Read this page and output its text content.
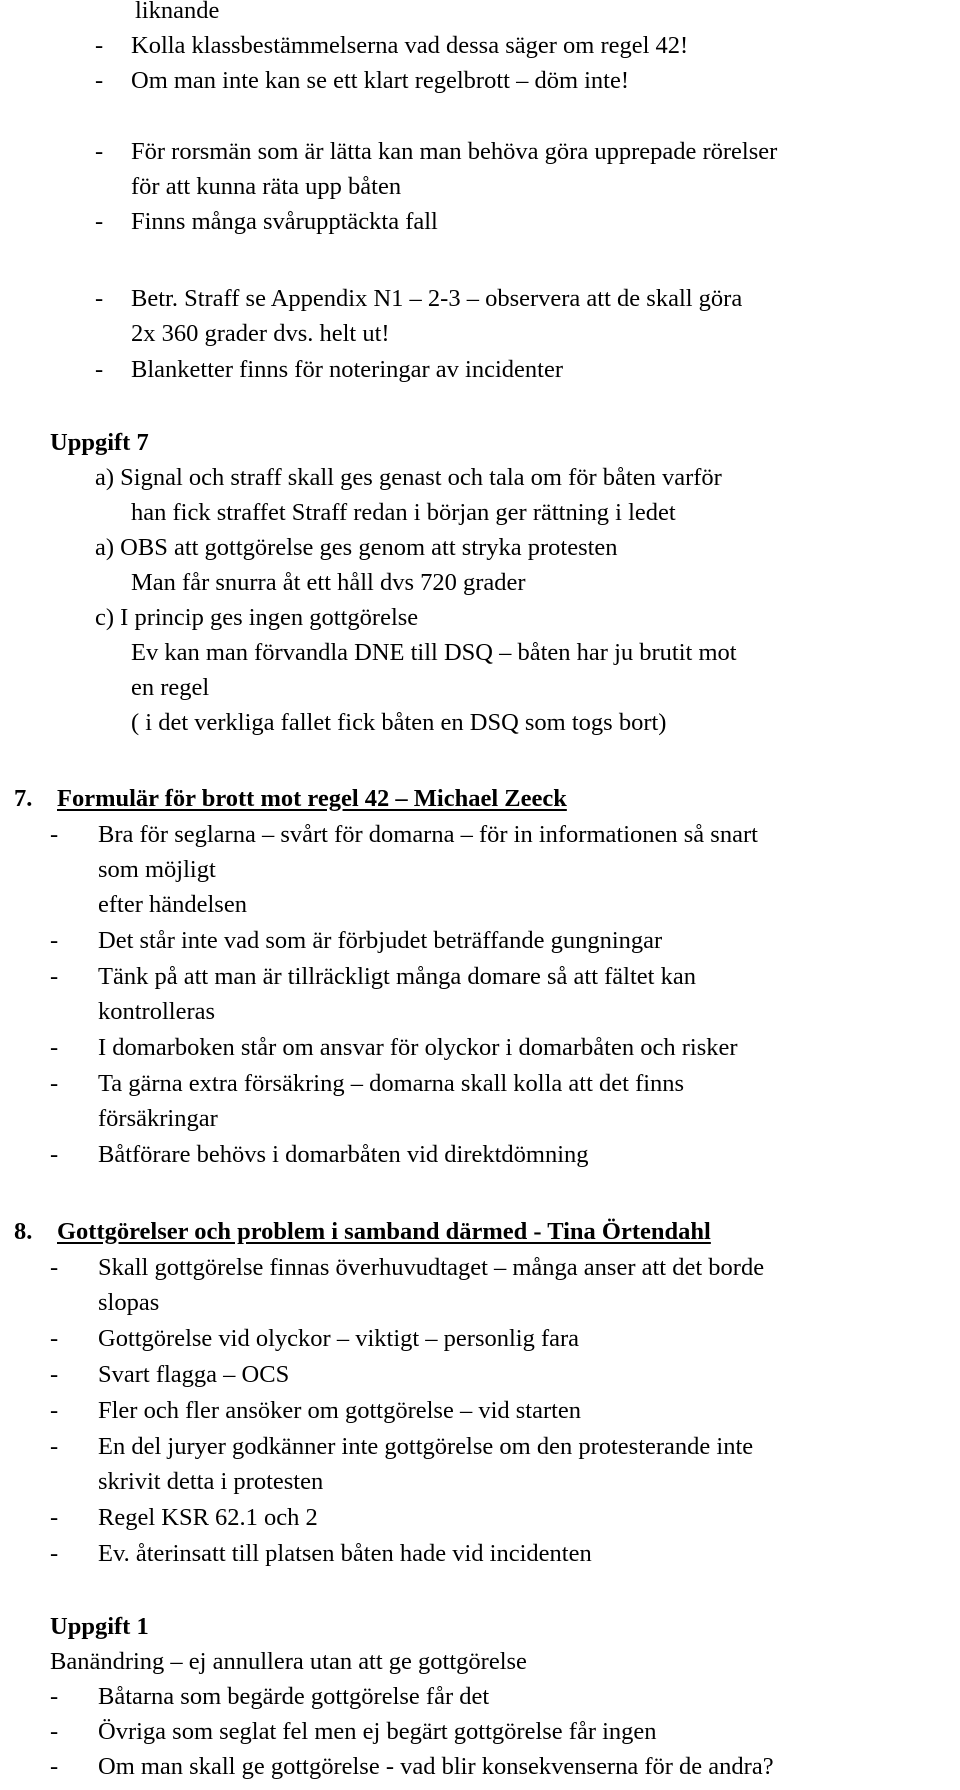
liknande
- Kolla klassbestämmelserna vad dessa säger om regel 42!
- Om man inte kan se ett klart regelbrott – döm inte!
- För rorsmän som är lätta kan man behöva göra upprepade rörelser
för att kunna räta upp båten
- Finns många svårupptäckta fall
- Betr. Straff se Appendix N1 – 2-3 – observera att de skall göra
2x 360 grader dvs. helt ut!
- Blanketter finns för noteringar av incidenter
Uppgift 7
a) Signal och straff skall ges genast och tala om för båten varför
han fick straffet Straff redan i början ger rättning i ledet
a) OBS att gottgörelse ges genom att stryka protesten
Man får snurra åt ett håll dvs 720 grader
c) I princip ges ingen gottgörelse
Ev kan man förvandla DNE till DSQ – båten har ju brutit mot
en regel
( i det verkliga fallet fick båten en DSQ som togs bort)
7. Formulär för brott mot regel 42 – Michael Zeeck
- Bra för seglarna – svårt för domarna – för in informationen så snart
som möjligt
efter händelsen
- Det står inte vad som är förbjudet beträffande gungningar
- Tänk på att man är tillräckligt många domare så att fältet kan
kontrolleras
- I domarboken står om ansvar för olyckor i domarbåten och risker
- Ta gärna extra försäkring – domarna skall kolla att det finns
försäkringar
- Båtförare behövs i domarbåten vid direktdömning
8. Gottgörelser och problem i samband därmed - Tina Örtendahl
- Skall gottgörelse finnas överhuvudtaget – många anser att det borde
slopas
- Gottgörelse vid olyckor – viktigt – personlig fara
- Svart flagga – OCS
- Fler och fler ansöker om gottgörelse – vid starten
- En del juryer godkänner inte gottgörelse om den protesterande inte
skrivit detta i protesten
- Regel KSR 62.1 och 2
- Ev. återinsatt till platsen båten hade vid incidenten
Uppgift 1
Banändring – ej annullera utan att ge gottgörelse
- Båtarna som begärde gottgörelse får det
- Övriga som seglat fel men ej begärt gottgörelse får ingen
- Om man skall ge gottgörelse - vad blir konsekvenserna för de andra?
